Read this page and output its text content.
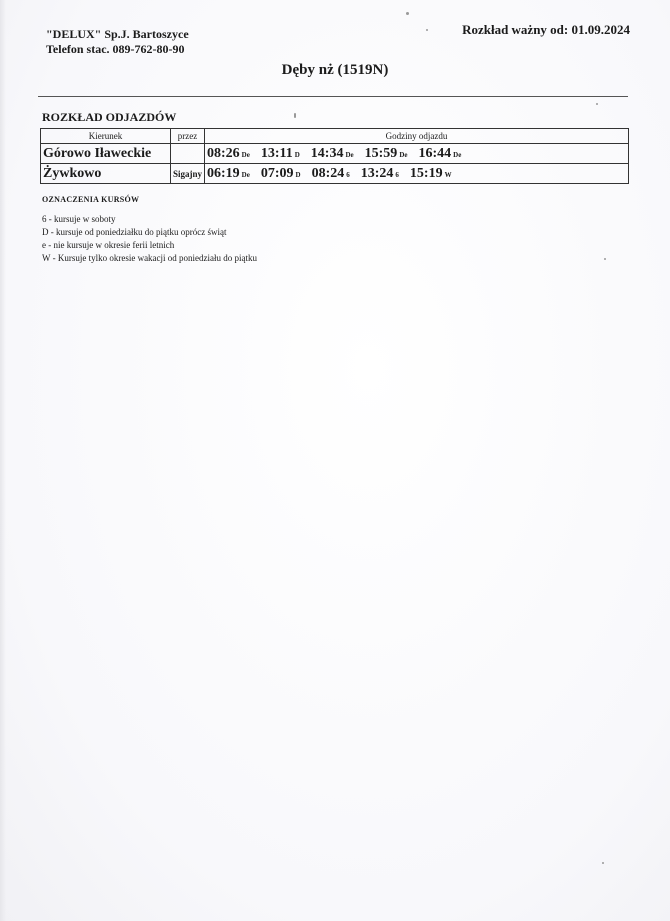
"DELUX" Sp.J. Bartoszyce
Telefon stac. 089-762-80-90
Rozkład ważny od: 01.09.2024
Dęby nż (1519N)
ROZKŁAD ODJAZDÓW
Kierunek	przez	Godziny odjazdu
Górowo Iławeckie		08:26 De 13:11 D 14:34 De 15:59 De 16:44 De
Żywkowo	Sigajny	06:19 De 07:09 D 08:24 6 13:24 6 15:19 W
OZNACZENIA KURSÓW
6 - kursuje w soboty
D - kursuje od poniedziałku do piątku oprócz świąt
e - nie kursuje w okresie ferii letnich
W - Kursuje tylko okresie wakacji od poniedziału do piątku
